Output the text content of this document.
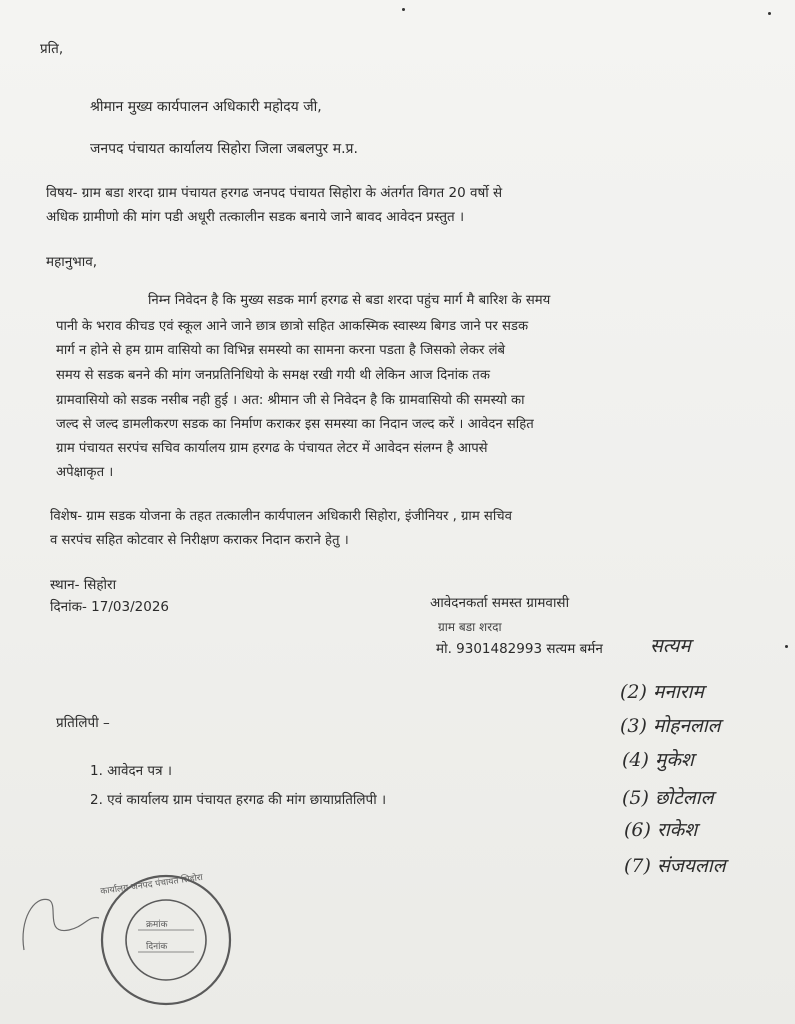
प्रति,
श्रीमान मुख्य कार्यपालन अधिकारी महोदय जी,
जनपद पंचायत कार्यालय सिहोरा जिला जबलपुर म.प्र.
विषय- ग्राम बडा शरदा ग्राम पंचायत हरगढ जनपद पंचायत सिहोरा के अंतर्गत विगत 20 वर्षो से
अधिक ग्रामीणो की मांग पडी अधूरी तत्कालीन सडक बनाये जाने बावद आवेदन प्रस्तुत ।
महानुभाव,
निम्न निवेदन है कि मुख्य सडक मार्ग हरगढ से बडा शरदा पहुंच मार्ग मै बारिश के समय
पानी के भराव कीचड एवं स्कूल आने जाने छात्र छात्रो सहित आकस्मिक स्वास्थ्य बिगड जाने पर सडक
मार्ग न होने से हम ग्राम वासियो का विभिन्न समस्यो का सामना करना पडता है जिसको लेकर लंबे
समय से सडक बनने की मांग जनप्रतिनिधियो के समक्ष रखी गयी थी लेकिन आज दिनांक तक
ग्रामवासियो को सडक नसीब नही हुई । अत: श्रीमान जी से निवेदन है कि ग्रामवासियो की समस्यो का
जल्द से जल्द डामलीकरण सडक का निर्माण कराकर इस समस्या का निदान जल्द करें । आवेदन सहित
ग्राम पंचायत सरपंच सचिव कार्यालय ग्राम हरगढ के पंचायत लेटर में आवेदन संलग्न है आपसे
अपेक्षाकृत ।
विशेष- ग्राम सडक योजना के तहत तत्कालीन कार्यपालन अधिकारी सिहोरा, इंजीनियर , ग्राम सचिव
व सरपंच सहित कोटवार से निरीक्षण कराकर निदान कराने हेतु ।
स्थान- सिहोरा
दिनांक- 17/03/2026	आवेदनकर्ता समस्त ग्रामवासी
ग्राम बडा शरदा
मो. 9301482993 सत्यम बर्मन सत्यम
(2) मनाराम
(3) मोहनलाल
(4) मुकेश
(5) छोटेलाल
(6) राकेश
(7) संजयलाल
प्रतिलिपी –
1. आवेदन पत्र ।
2. एवं कार्यालय ग्राम पंचायत हरगढ की मांग छायाप्रतिलिपी ।
क्रमांक
दिनांक
कार्यालय जनपद पंचायत सिहोरा
